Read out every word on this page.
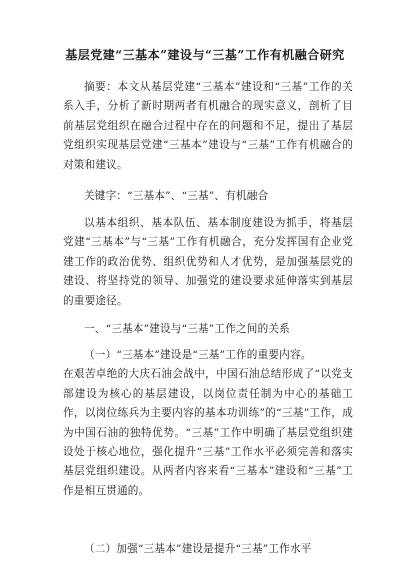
基层党建“三基本”建设与“三基”工作有机融合研究

摘要：本文从基层党建“三基本”建设和“三基”工作的关系入手，分析了新时期两者有机融合的现实意义，剖析了目前基层党组织在融合过程中存在的问题和不足，提出了基层党组织实现基层党建“三基本”建设与“三基”工作有机融合的对策和建议。

关键字：“三基本”、“三基”、有机融合

以基本组织、基本队伍、基本制度建设为抓手，将基层党建“三基本”与“三基”工作有机融合，充分发挥国有企业党建工作的政治优势、组织优势和人才优势，是加强基层党的建设、将坚持党的领导、加强党的建设要求延伸落实到基层的重要途径。

一、“三基本”建设与“三基”工作之间的关系

（一）“三基本”建设是“三基”工作的重要内容。

在艰苦卓绝的大庆石油会战中，中国石油总结形成了“以党支部建设为核心的基层建设，以岗位责任制为中心的基础工作，以岗位练兵为主要内容的基本功训练”的“三基”工作，成为中国石油的独特优势。“三基”工作中明确了基层党组织建设处于核心地位，强化提升“三基”工作水平必须完善和落实基层党组织建设。从两者内容来看“三基本”建设和“三基”工作是相互贯通的。

（二）加强“三基本”建设是提升“三基”工作水平
